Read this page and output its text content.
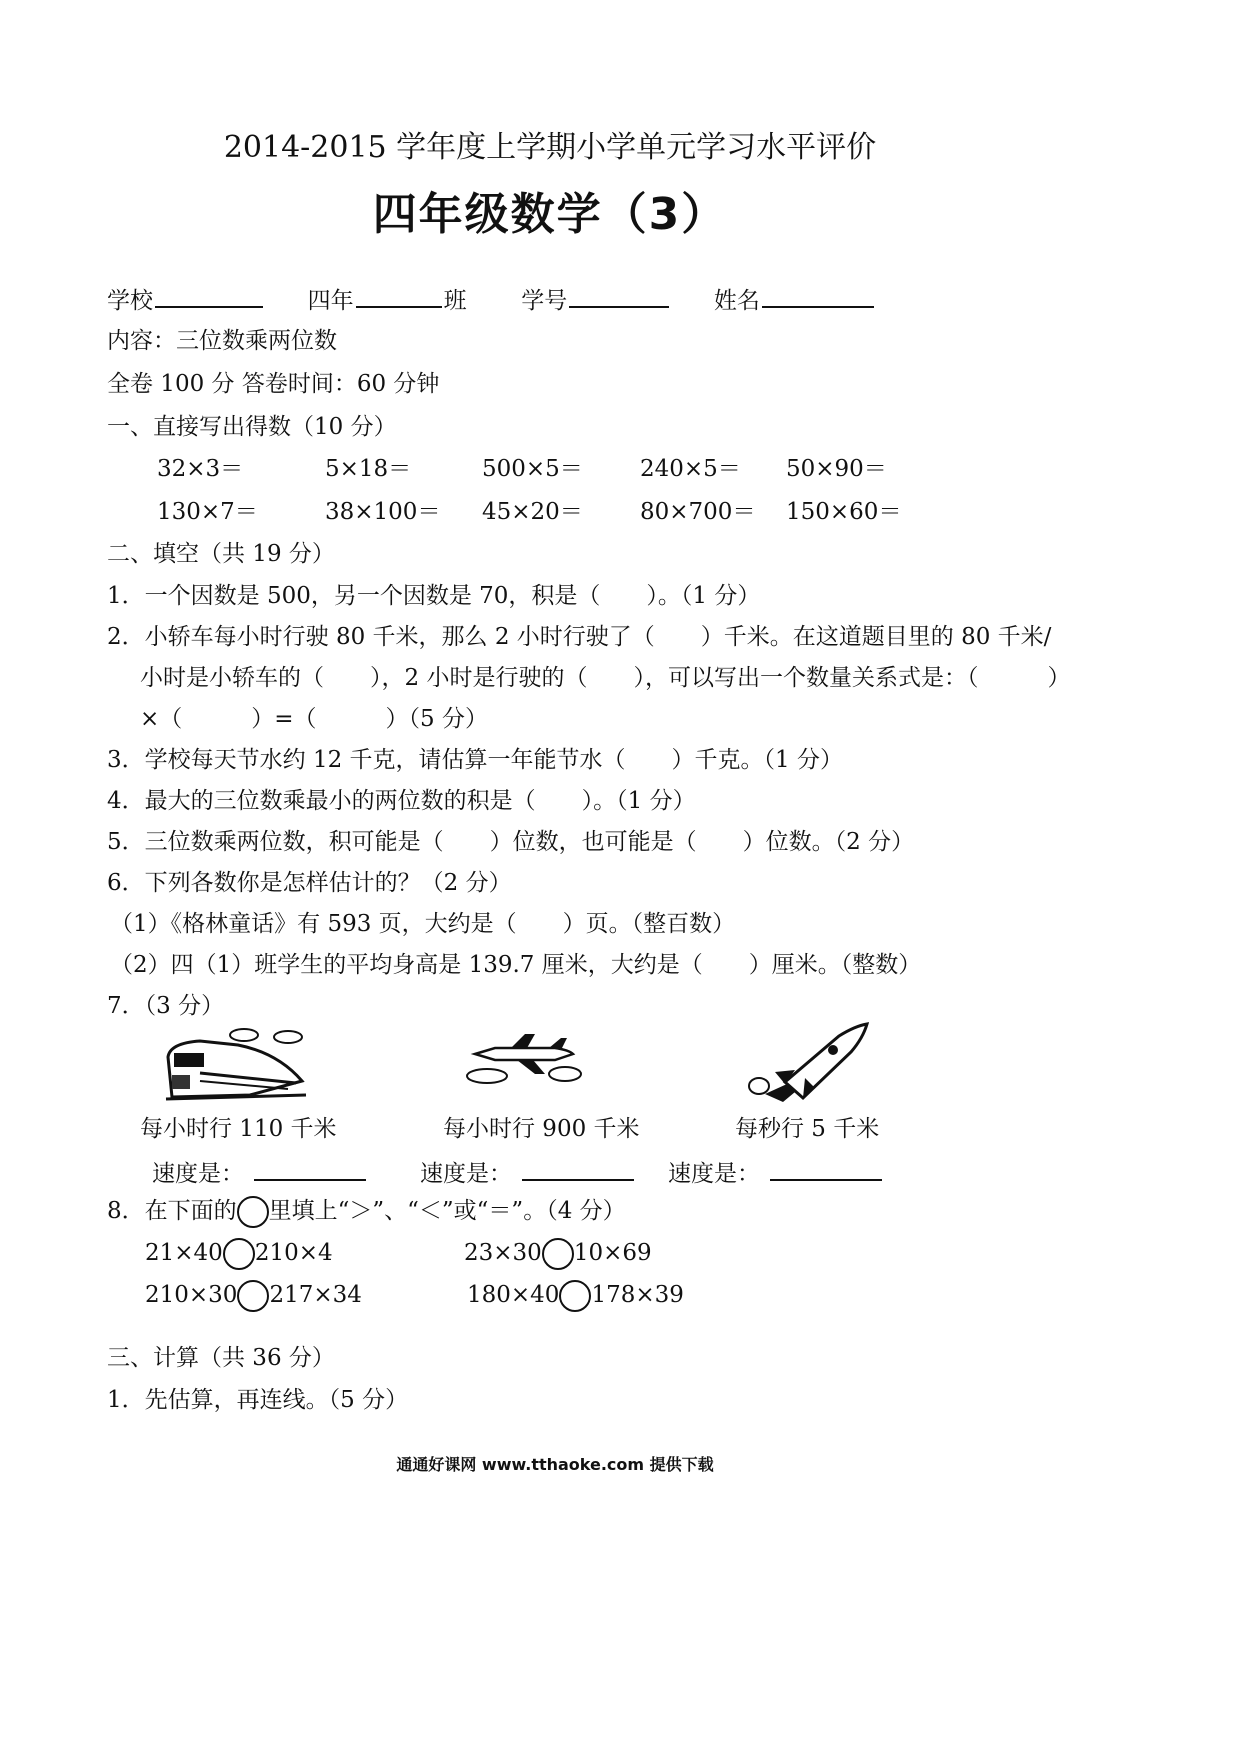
2014-2015 学年度上学期小学单元学习水平评价
四年级数学（3）
学校	四年	班 学号	姓名
内容：三位数乘两位数
全卷 100 分 答卷时间：60 分钟
一、直接写出得数（10 分）
32×3＝	5×18＝	500×5＝ 240×5＝ 50×90＝
130×7＝	38×100＝ 45×20＝ 80×700＝ 150×60＝
二、填空（共 19 分）
1．一个因数是 500，另一个因数是 70，积是（　　）。（1 分）
2．小轿车每小时行驶 80 千米，那么 2 小时行驶了（　　）千米。在这道题目里的 80 千米/
小时是小轿车的（　　），2 小时是行驶的（　　），可以写出一个数量关系式是：（　　　）
×（　　　）=（　　　）（5 分）
3．学校每天节水约 12 千克，请估算一年能节水（　　）千克。（1 分）
4．最大的三位数乘最小的两位数的积是（　　）。（1 分）
5．三位数乘两位数，积可能是（　　）位数，也可能是（　　）位数。（2 分）
6．下列各数你是怎样估计的？（2 分）
（1）《格林童话》有 593 页，大约是（　　）页。（整百数）
（2）四（1）班学生的平均身高是 139.7 厘米，大约是（　　）厘米。（整数）
7．（3 分）
每小时行 110 千米	每小时行 900 千米	每秒行 5 千米
速度是：	速度是：	速度是：
8．在下面的 里填上“＞”、“＜”或“＝”。（4 分）
21×40 210×4	23×30 10×69
210×30 217×34	180×40 178×39
三、计算（共 36 分）
1．先估算，再连线。（5 分）
通通好课网 www.tthaoke.com 提供下载
